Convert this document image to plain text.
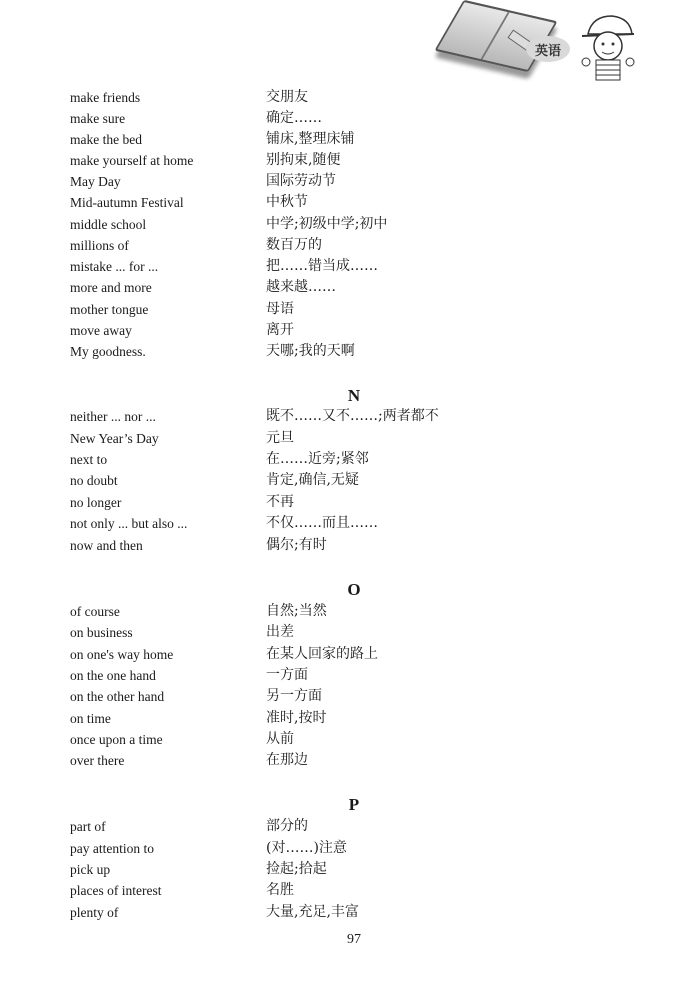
英语
make friends	交朋友
make sure	确定……
make the bed	铺床,整理床铺
make yourself at home	别拘束,随便
May Day	国际劳动节
Mid-autumn Festival	中秋节
middle school	中学;初级中学;初中
millions of	数百万的
mistake ... for ...	把……错当成……
more and more	越来越……
mother tongue	母语
move away	离开
My goodness.	天哪;我的天啊
N
neither ... nor ...	既不……又不……;两者都不
New Year’s Day	元旦
next to	在……近旁;紧邻
no doubt	肯定,确信,无疑
no longer	不再
not only ... but also ...	不仅……而且……
now and then	偶尔;有时
O
of course	自然;当然
on business	出差
on one's way home	在某人回家的路上
on the one hand	一方面
on the other hand	另一方面
on time	准时,按时
once upon a time	从前
over there	在那边
P
part of	部分的
pay attention to	(对……)注意
pick up	捡起;拾起
places of interest	名胜
plenty of	大量,充足,丰富
97
